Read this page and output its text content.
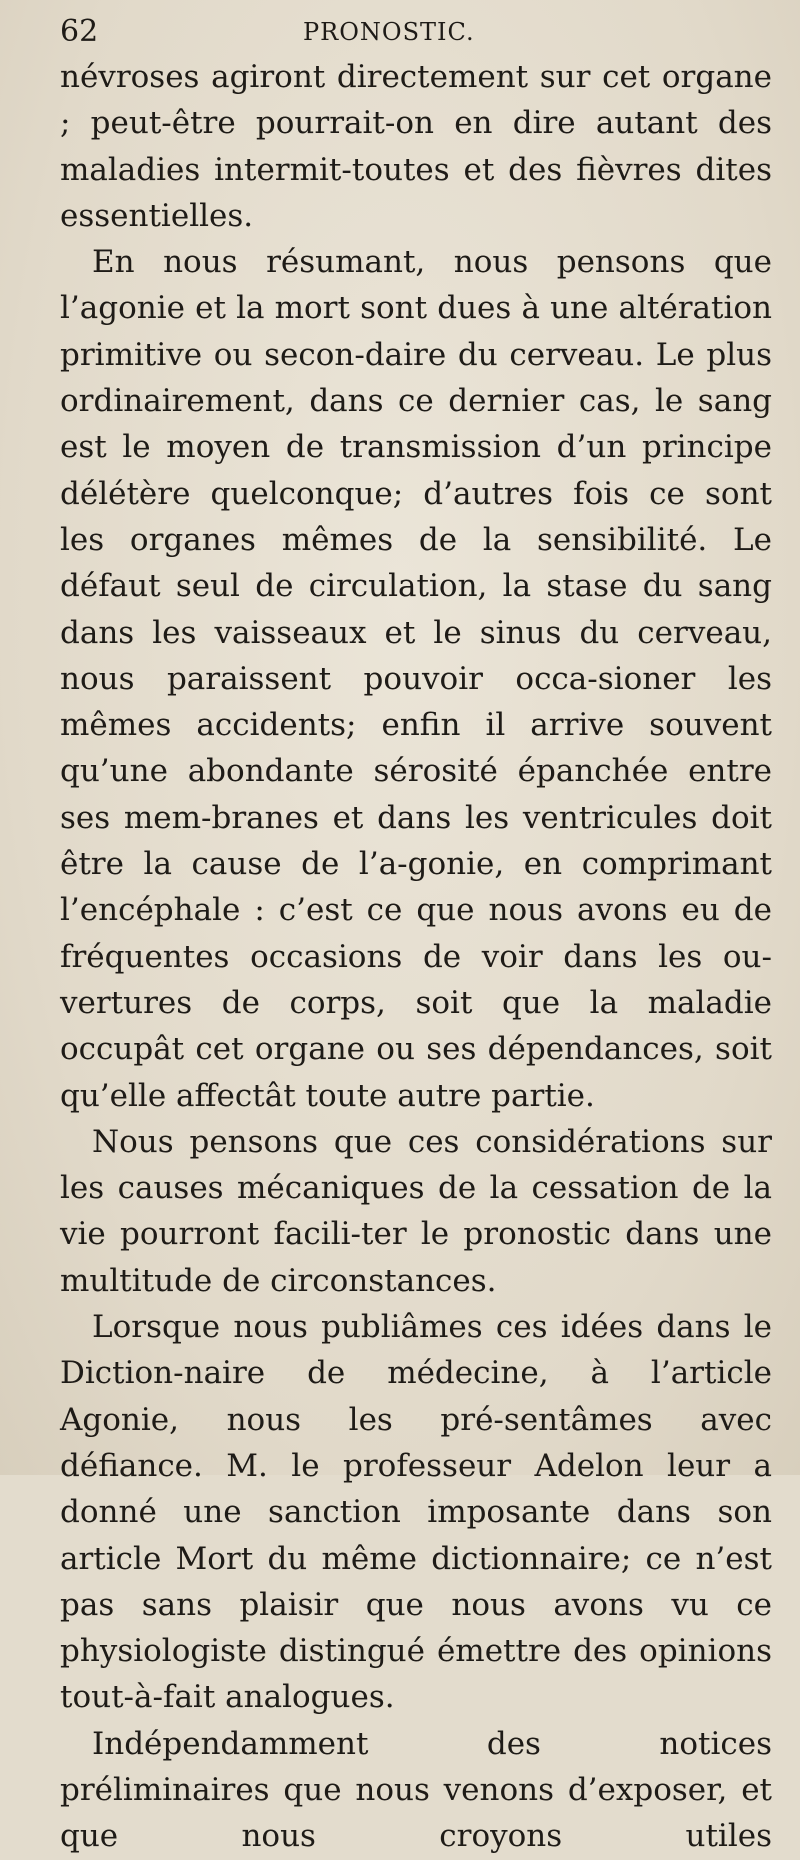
62	PRONOSTIC.

névroses agiront directement sur cet organe ; peut-être pourrait-on en dire autant des maladies intermit-toutes et des fièvres dites essentielles.

En nous résumant, nous pensons que l’agonie et la mort sont dues à une altération primitive ou secon-daire du cerveau. Le plus ordinairement, dans ce dernier cas, le sang est le moyen de transmission d’un principe délétère quelconque; d’autres fois ce sont les organes mêmes de la sensibilité. Le défaut seul de circulation, la stase du sang dans les vaisseaux et le sinus du cerveau, nous paraissent pouvoir occa-sioner les mêmes accidents; enfin il arrive souvent qu’une abondante sérosité épanchée entre ses mem-branes et dans les ventricules doit être la cause de l’a-gonie, en comprimant l’encéphale : c’est ce que nous avons eu de fréquentes occasions de voir dans les ou-vertures de corps, soit que la maladie occupât cet organe ou ses dépendances, soit qu’elle affectât toute autre partie.

Nous pensons que ces considérations sur les causes mécaniques de la cessation de la vie pourront facili-ter le pronostic dans une multitude de circonstances.

Lorsque nous publiâmes ces idées dans le Diction-naire de médecine, à l’article Agonie, nous les pré-sentâmes avec défiance. M. le professeur Adelon leur a donné une sanction imposante dans son article Mort du même dictionnaire; ce n’est pas sans plaisir que nous avons vu ce physiologiste distingué émettre des opinions tout-à-fait analogues.

Indépendamment des notices préliminaires que nous venons d’exposer, et que nous croyons utiles
